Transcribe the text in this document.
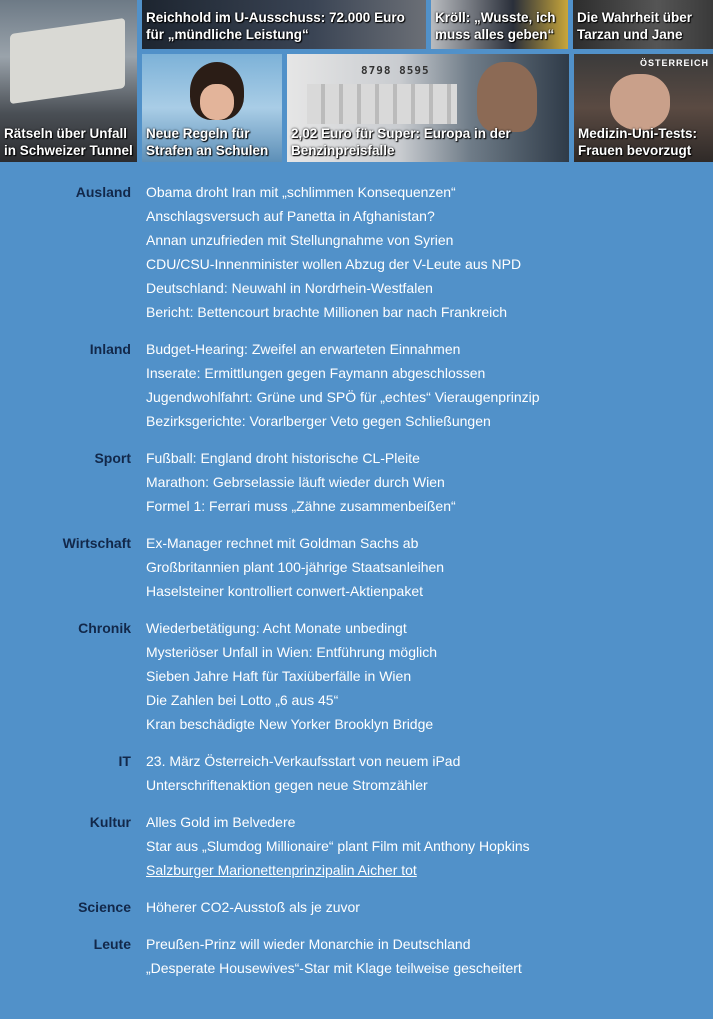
Rätseln über Unfall in Schweizer Tunnel
Reichhold im U-Ausschuss: 72.000 Euro für „mündliche Leistung“
Kröll: „Wusste, ich muss alles geben“
Die Wahrheit über Tarzan und Jane
Neue Regeln für Strafen an Schulen
8798 8595
2,02 Euro für Super: Europa in der Benzinpreisfalle
ÖSTERREICH
Medizin-Uni-Tests: Frauen bevorzugt
Ausland Obama droht Iran mit „schlimmen Konsequenzen“
Anschlagsversuch auf Panetta in Afghanistan?
Annan unzufrieden mit Stellungnahme von Syrien
CDU/CSU-Innenminister wollen Abzug der V-Leute aus NPD
Deutschland: Neuwahl in Nordrhein-Westfalen
Bericht: Bettencourt brachte Millionen bar nach Frankreich
Inland Budget-Hearing: Zweifel an erwarteten Einnahmen
Inserate: Ermittlungen gegen Faymann abgeschlossen
Jugendwohlfahrt: Grüne und SPÖ für „echtes“ Vieraugenprinzip
Bezirksgerichte: Vorarlberger Veto gegen Schließungen
Sport Fußball: England droht historische CL-Pleite
Marathon: Gebrselassie läuft wieder durch Wien
Formel 1: Ferrari muss „Zähne zusammenbeißen“
Wirtschaft Ex-Manager rechnet mit Goldman Sachs ab
Großbritannien plant 100-jährige Staatsanleihen
Haselsteiner kontrolliert conwert-Aktienpaket
Chronik Wiederbetätigung: Acht Monate unbedingt
Mysteriöser Unfall in Wien: Entführung möglich
Sieben Jahre Haft für Taxiüberfälle in Wien
Die Zahlen bei Lotto „6 aus 45“
Kran beschädigte New Yorker Brooklyn Bridge
IT 23. März Österreich-Verkaufsstart von neuem iPad
Unterschriftenaktion gegen neue Stromzähler
Kultur Alles Gold im Belvedere
Star aus „Slumdog Millionaire“ plant Film mit Anthony Hopkins
Salzburger Marionettenprinzipalin Aicher tot
Science Höherer CO2-Ausstoß als je zuvor
Leute Preußen-Prinz will wieder Monarchie in Deutschland
„Desperate Housewives“-Star mit Klage teilweise gescheitert
